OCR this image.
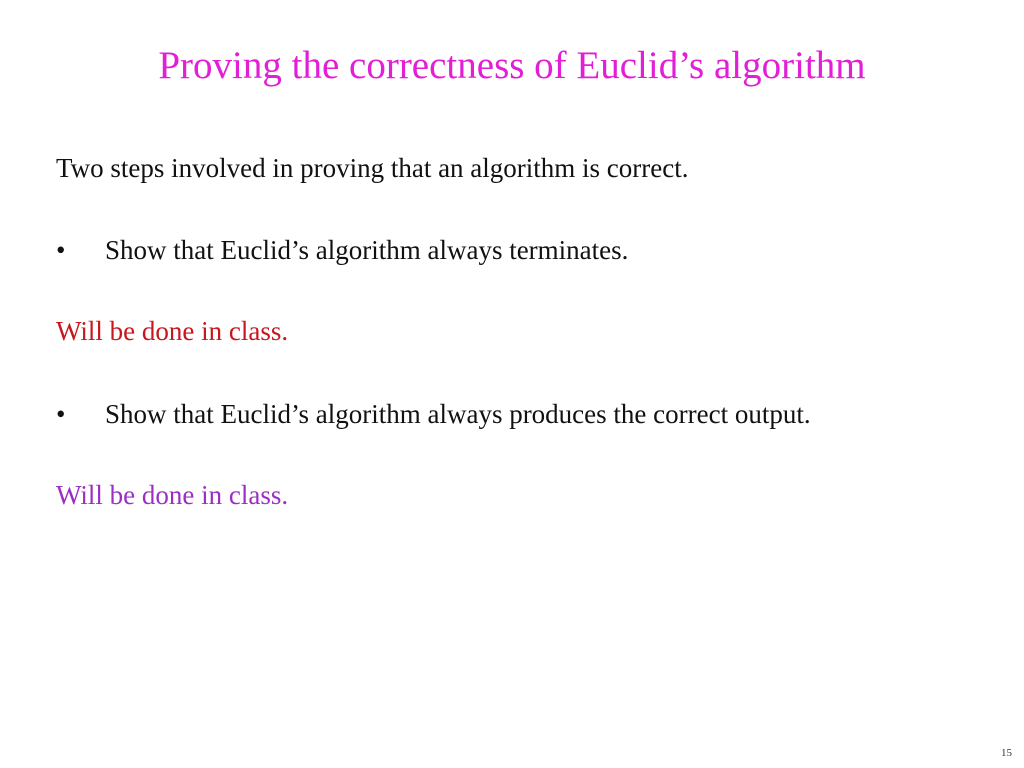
Proving the correctness of Euclid’s algorithm
Two steps involved in proving that an algorithm is correct.
• Show that Euclid’s algorithm always terminates.
Will be done in class.
• Show that Euclid’s algorithm always produces the correct output.
Will be done in class.
15
